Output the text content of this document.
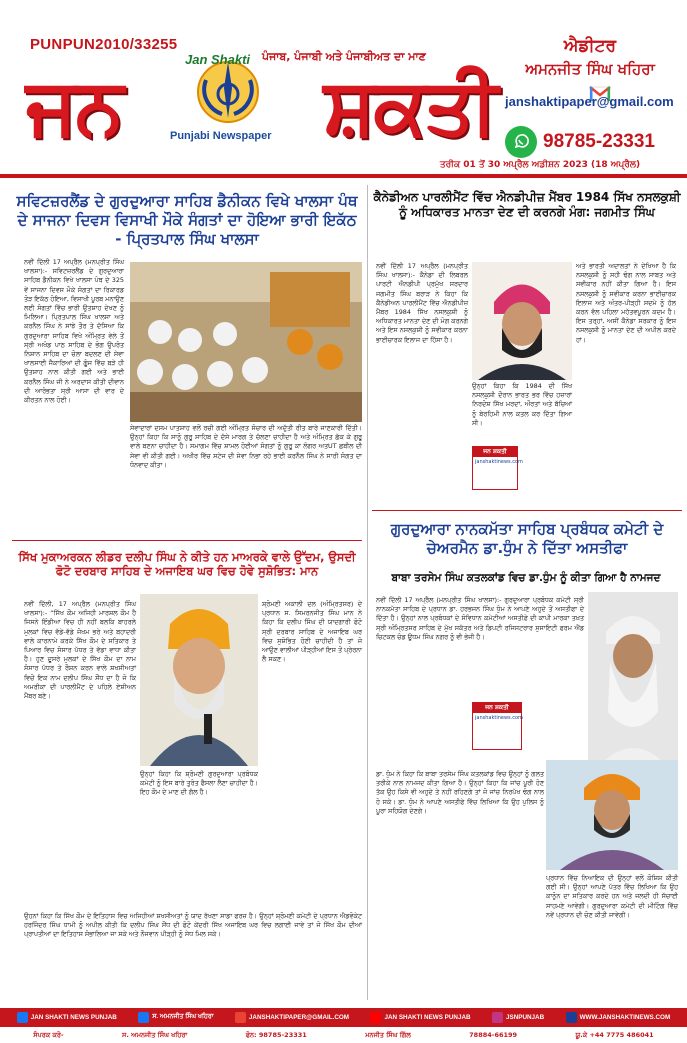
PUNPUN2010/33255
ਪੰਜਾਬ, ਪੰਜਾਬੀ ਅਤੇ ਪੰਜਾਬੀਅਤ ਦਾ ਮਾਣ
ਜਨ	ਸ਼ਕਤੀ
Jan Shakti
Punjabi Newspaper
ਐਡੀਟਰ
ਅਮਨਜੀਤ ਸਿੰਘ ਖਹਿਰਾ
janshaktipaper@gmail.com
98785-23331
ਤਰੀਕ 01 ਤੋਂ 30 ਅਪ੍ਰੈਲ ਅਡੀਸ਼ਨ 2023 (18 ਅਪ੍ਰੈਲ)
ਸਵਿਟਜ਼ਰਲੈਂਡ ਦੇ ਗੁਰਦੁਆਰਾ ਸਾਹਿਬ ਡੈਨੀਕਨ ਵਿਖੇ ਖਾਲਸਾ ਪੰਥ ਦੇ ਸਾਜਨਾ ਦਿਵਸ ਵਿਸਾਖੀ ਮੌਕੇ ਸੰਗਤਾਂ ਦਾ ਹੋਇਆ ਭਾਰੀ ਇਕੱਠ - ਪ੍ਰਿਤਪਾਲ ਸਿੰਘ ਖਾਲਸਾ

ਨਵੀਂ ਦਿੱਲੀ 17 ਅਪ੍ਰੈਲ (ਮਨਪ੍ਰੀਤ ਸਿੰਘ ਖਾਲਸਾ):- ਸਵਿਟਜ਼ਰਲੈਂਡ ਦੇ ਗੁਰਦੁਆਰਾ ਸਾਹਿਬ ਡੈਨੀਕਨ ਵਿਖੇ ਖਾਲਸਾ ਪੰਥ ਦੇ 325 ਵੇਂ ਸਾਜਨਾ ਦਿਵਸ ਮੌਕੇ ਸੰਗਤਾਂ ਦਾ ਰਿਕਾਰਡ ਤੋੜ ਇਕੱਠ ਹੋਇਆ, ਵਿਸਾਖੀ ਪੂਰਬ ਮਨਾਉਣ ਲਈ ਸੰਗਤਾਂ ਵਿੱਚ ਭਾਰੀ ਉਤਸ਼ਾਹ ਦੇਖਣ ਨੂੰ ਮਿਲਿਆ। ਪ੍ਰਿਤਪਾਲ ਸਿੰਘ ਖਾਲਸਾ ਅਤੇ ਕਰਨੈਲ ਸਿੰਘ ਨੇ ਸਾਂਝੇ ਤੌਰ ਤੇ ਦੱਸਿਆ ਕਿ ਗੁਰਦੁਆਰਾ ਸਾਹਿਬ ਵਿਖੇ ਅੰਮ੍ਰਿਤ ਵੇਲੇ ਤੋਂ ਸ੍ਰੀ ਅਖੰਡ ਪਾਠ ਸਾਹਿਬ ਦੇ ਭੋਗ ਉਪਰੰਤ ਨਿਸ਼ਾਨ ਸਾਹਿਬ ਦਾ ਚੋਲਾ ਬਦਲਣ ਦੀ ਸੇਵਾ ਖਾਲਸਾਈ ਜੈਕਾਰਿਆਂ ਦੀ ਗੂੰਜ ਵਿੱਚ ਬੜੇ ਹੀ ਉਤਸ਼ਾਹ ਨਾਲ ਕੀਤੀ ਗਈ ਅਤੇ ਭਾਈ ਕਰਨੈਲ ਸਿੰਘ ਜੀ ਨੇ ਅਰਦਾਸ ਕੀਤੀ ਦੀਵਾਨ ਦੀ ਆਰੰਭਤਾ ਸ੍ਰੀ ਆਸਾ ਦੀ ਵਾਰ ਦੇ ਕੀਰਤਨ ਨਾਲ ਹੋਈ।

ਸੇਵਾਦਾਰਾਂ ਦਸਮ ਪਾਤਸ਼ਾਹ ਵਲੋਂ ਰਚੀ ਗਈ ਅੰਮ੍ਰਿਤ ਸੰਚਾਰ ਦੀ ਅਦੁੱਤੀ ਰੀਤ ਬਾਰੇ ਜਾਣਕਾਰੀ ਦਿੱਤੀ। ਉਨ੍ਹਾਂ ਕਿਹਾ ਕਿ ਸਾਨੂੰ ਗੁਰੂ ਸਾਹਿਬ ਦੇ ਦੱਸੇ ਮਾਰਗ ਤੇ ਚੱਲਣਾ ਚਾਹੀਦਾ ਹੈ ਅਤੇ ਅੰਮ੍ਰਿਤ ਛੱਕ ਕੇ ਗੁਰੂ ਵਾਲੇ ਬਣਨਾ ਚਾਹੀਦਾ ਹੈ। ਸਮਾਗਮ ਵਿੱਚ ਸ਼ਾਮਲ ਹੋਈਆਂ ਸੰਗਤਾਂ ਨੂੰ ਗੁਰੂ ਕਾ ਲੰਗਰ ਅਤUT ਛਬੀਲ ਦੀ ਸੇਵਾ ਵੀ ਕੀਤੀ ਗਈ। ਅਖੀਰ ਵਿੱਚ ਸਟੇਜ ਦੀ ਸੇਵਾ ਨਿਭਾ ਰਹੇ ਭਾਈ ਕਰਨੈਲ ਸਿੰਘ ਨੇ ਸਾਰੀ ਸੰਗਤ ਦਾ ਧੰਨਵਾਦ ਕੀਤਾ।

ਸਿੱਖ ਮੁਕਾਅਰਕਨ ਲੀਡਰ ਦਲੀਪ ਸਿੰਘ ਨੇ ਕੀਤੇ ਹਨ ਮਾਅਰਕੇ ਵਾਲੇ ਉੱਦਮ, ਉਸਦੀ ਫੋਟੋ ਦਰਬਾਰ ਸਾਹਿਬ ਦੇ ਅਜਾਇਬ ਘਰ ਵਿਚ ਹੋਵੇ ਸੁਸ਼ੋਭਿਤ: ਮਾਨ

ਨਵੀਂ ਦਿੱਲੀ, 17 ਅਪ੍ਰੈਲ (ਮਨਪ੍ਰੀਤ ਸਿੰਘ ਖਾਲਸਾ):- “ਸਿੱਖ ਕੌਮ ਅਜਿਹੀ ਮਾਰਸ਼ਲ ਕੌਮ ਹੈ ਜਿਸਨੇ ਇੰਡੀਆ ਵਿਚ ਹੀ ਨਹੀਂ ਬਲਕਿ ਬਾਹਰਲੇ ਮੁਲਕਾਂ ਵਿਚ ਵੱਡੇ-ਵੱਡੇ ਜੋਖਮ ਭਰੇ ਅਤੇ ਬਹਾਦਰੀ ਵਾਲੇ ਕਾਰਨਾਮੇ ਕਰਕੇ ਸਿੱਖ ਕੌਮ ਦੇ ਸਤਿਕਾਰ ਤੇ ਪਿਆਰ ਵਿਚ ਸੰਸਾਰ ਪੱਧਰ ਤੇ ਵੱਡਾ ਵਾਧਾ ਕੀਤਾ ਹੈ। ਹੁਣ ਦੂਸਰੇ ਮੁਲਕਾਂ ਦੇ ਸਿੱਖ ਕੌਮ ਦਾ ਨਾਮ ਸੰਸਾਰ ਪੱਧਰ ਤੇ ਰੌਸ਼ਨ ਕਰਨ ਵਾਲੇ ਸ਼ਖਸੀਅਤਾਂ ਵਿਚੋਂ ਇਕ ਨਾਮ ਦਲੀਪ ਸਿੰਘ ਸੌਂਧ ਦਾ ਹੈ ਜੋ ਕਿ ਅਮਰੀਕਾ ਦੀ ਪਾਰਲੀਮੈਂਟ ਦੇ ਪਹਿਲੇ ਏਸ਼ੀਅਨ ਮੈਂਬਰ ਬਣੇ।

ਸ਼੍ਰੋਮਣੀ ਅਕਾਲੀ ਦਲ (ਅੰਮ੍ਰਿਤਸਰ) ਦੇ ਪ੍ਰਧਾਨ ਸ. ਸਿਮਰਨਜੀਤ ਸਿੰਘ ਮਾਨ ਨੇ ਕਿਹਾ ਕਿ ਦਲੀਪ ਸਿੰਘ ਦੀ ਯਾਦਗਾਰੀ ਫੋਟੋ ਸ੍ਰੀ ਦਰਬਾਰ ਸਾਹਿਬ ਦੇ ਅਜਾਇਬ ਘਰ ਵਿਚ ਸੁਸ਼ੋਭਿਤ ਹੋਣੀ ਚਾਹੀਦੀ ਹੈ ਤਾਂ ਜੋ ਆਉਣ ਵਾਲੀਆਂ ਪੀੜ੍ਹੀਆਂ ਇਸ ਤੋਂ ਪ੍ਰੇਰਨਾ ਲੈ ਸਕਣ।

ਉਨ੍ਹਾਂ ਕਿਹਾ ਕਿ ਸ਼੍ਰੋਮਣੀ ਗੁਰਦੁਆਰਾ ਪ੍ਰਬੰਧਕ ਕਮੇਟੀ ਨੂੰ ਇਸ ਬਾਰੇ ਤੁਰੰਤ ਫੈਸਲਾ ਲੈਣਾ ਚਾਹੀਦਾ ਹੈ। ਇਹ ਕੌਮ ਦੇ ਮਾਣ ਦੀ ਗੱਲ ਹੈ।

ਉਹਨਾਂ ਕਿਹਾ ਕਿ ਸਿੱਖ ਕੌਮ ਦੇ ਇਤਿਹਾਸ ਵਿਚ ਅਜਿਹੀਆਂ ਸ਼ਖਸੀਅਤਾਂ ਨੂੰ ਯਾਦ ਰੱਖਣਾ ਸਾਡਾ ਫਰਜ਼ ਹੈ। ਉਨ੍ਹਾਂ ਸ਼੍ਰੋਮਣੀ ਕਮੇਟੀ ਦੇ ਪ੍ਰਧਾਨ ਐਡਵੋਕੇਟ ਹਰਜਿੰਦਰ ਸਿੰਘ ਧਾਮੀ ਨੂੰ ਅਪੀਲ ਕੀਤੀ ਕਿ ਦਲੀਪ ਸਿੰਘ ਸੌਂਧ ਦੀ ਫੋਟੋ ਕੇਂਦਰੀ ਸਿੱਖ ਅਜਾਇਬ ਘਰ ਵਿਚ ਲਗਾਈ ਜਾਵੇ ਤਾਂ ਜੋ ਸਿੱਖ ਕੌਮ ਦੀਆਂ ਪ੍ਰਾਪਤੀਆਂ ਦਾ ਇਤਿਹਾਸ ਸੰਭਾਲਿਆ ਜਾ ਸਕੇ ਅਤੇ ਨੌਜਵਾਨ ਪੀੜ੍ਹੀ ਨੂੰ ਸੇਧ ਮਿਲ ਸਕੇ।

ਕੈਨੇਡੀਅਨ ਪਾਰਲੀਮੈਂਟ ਵਿੱਚ ਐਨਡੀਪੀਜ਼ ਮੈਂਬਰ 1984 ਸਿੱਖ ਨਸਲਕੁਸ਼ੀ ਨੂੰ ਅਧਿਕਾਰਤ ਮਾਨਤਾ ਦੇਣ ਦੀ ਕਰਨਗੇ ਮੰਗ: ਜਗਮੀਤ ਸਿੰਘ

ਨਵੀਂ ਦਿੱਲੀ 17 ਅਪ੍ਰੈਲ (ਮਨਪ੍ਰੀਤ ਸਿੰਘ ਖਾਲਸਾ):- ਕੈਨੇਡਾ ਦੀ ਲਿਬਰਲ ਪਾਰਟੀ ਐਨਡੀਪੀ ਪ੍ਰਮੁੱਖ ਸਰਦਾਰ ਜਗਮੀਤ ਸਿੰਘ ਬਰਾੜ ਨੇ ਕਿਹਾ ਕਿ ਕੈਨੇਡੀਅਨ ਪਾਰਲੀਮੈਂਟ ਵਿੱਚ ਐਨਡੀਪੀਜ਼ ਮੈਂਬਰ 1984 ਸਿੱਖ ਨਸਲਕੁਸ਼ੀ ਨੂੰ ਅਧਿਕਾਰਤ ਮਾਨਤਾ ਦੇਣ ਦੀ ਮੰਗ ਕਰਨਗੇ ਅਤੇ ਇਸ ਨਸਲਕੁਸ਼ੀ ਨੂੰ ਸਵੀਕਾਰ ਕਰਨਾ ਭਾਈਚਾਰਕ ਇਲਾਜ ਦਾ ਹਿੱਸਾ ਹੈ।

ਉਨ੍ਹਾਂ ਕਿਹਾ ਕਿ 1984 ਦੀ ਸਿੱਖ ਨਸਲਕੁਸ਼ੀ ਦੌਰਾਨ ਭਾਰਤ ਭਰ ਵਿੱਚ ਹਜ਼ਾਰਾਂ ਨਿਰਦੋਸ਼ ਸਿੱਖ ਮਰਦਾਂ, ਔਰਤਾਂ ਅਤੇ ਬੱਚਿਆਂ ਨੂੰ ਬੇਰਹਿਮੀ ਨਾਲ ਕਤਲ ਕਰ ਦਿੱਤਾ ਗਿਆ ਸੀ।

ਅਤੇ ਭਾਰਤੀ ਅਦਾਲਤਾਂ ਨੇ ਦੇਖਿਆ ਹੈ ਕਿ ਨਸਲਕੁਸ਼ੀ ਨੂੰ ਸਹੀ ਢੰਗ ਨਾਲ ਸਾਬਤ ਅਤੇ ਸਵੀਕਾਰ ਨਹੀਂ ਕੀਤਾ ਗਿਆ ਹੈ। ਇਸ ਨਸਲਕੁਸ਼ੀ ਨੂੰ ਸਵੀਕਾਰ ਕਰਨਾ ਭਾਈਚਾਰਕ ਇਲਾਜ ਅਤੇ ਅੰਤਰ-ਪੀੜ੍ਹੀ ਸਦਮੇ ਨੂੰ ਹੱਲ ਕਰਨ ਵੱਲ ਪਹਿਲਾ ਮਹੱਤਵਪੂਰਨ ਕਦਮ ਹੈ। ਇਸ ਤਰ੍ਹਾਂ, ਅਸੀਂ ਕੈਨੇਡਾ ਸਰਕਾਰ ਨੂੰ ਇਸ ਨਸਲਕੁਸ਼ੀ ਨੂੰ ਮਾਨਤਾ ਦੇਣ ਦੀ ਅਪੀਲ ਕਰਦੇ ਹਾਂ।

ਜਨ ਸ਼ਕਤੀ
janshaktinews.com
ਗੁਰਦੁਆਰਾ ਨਾਨਕਮੱਤਾ ਸਾਹਿਬ ਪ੍ਰਬੰਧਕ ਕਮੇਟੀ ਦੇ ਚੇਅਰਮੈਨ ਡਾ.ਧੁੰਮ ਨੇ ਦਿੱਤਾ ਅਸਤੀਫਾ
ਬਾਬਾ ਤਰਸੇਮ ਸਿੰਘ ਕਤਲਕਾਂਡ ਵਿਚ ਡਾ.ਧੁੰਮ ਨੂੰ ਕੀਤਾ ਗਿਆ ਹੈ ਨਾਮਜਦ

ਨਵੀਂ ਦਿੱਲੀ 17 ਅਪ੍ਰੈਲ (ਮਨਪ੍ਰੀਤ ਸਿੰਘ ਖਾਲਸਾ):- ਗੁਰਦੁਆਰਾ ਪ੍ਰਬੰਧਕ ਕਮੇਟੀ ਸ੍ਰੀ ਨਾਨਕਮੱਤਾ ਸਾਹਿਬ ਦੇ ਪ੍ਰਧਾਨ ਡਾ. ਹਰਭਜਨ ਸਿੰਘ ਧੁੰਮ ਨੇ ਆਪਣੇ ਅਹੁਦੇ ਤੋਂ ਅਸਤੀਫਾ ਦੇ ਦਿੱਤਾ ਹੈ। ਉਨ੍ਹਾਂ ਨਾਲ ਪ੍ਰਬੰਧਕਾਂ ਦੇ ਸੰਵਿਧਾਨ ਕਮੇਟੀਆਂ ਅਸਤੀਫ਼ੇ ਦੀ ਕਾਪੀ ਮਾਰਕਾ ਤਖ਼ਤ ਸ੍ਰੀ ਅੰਮ੍ਰਿਤਸਰ ਸਾਹਿਬ ਦੇ ਮੁੱਖ ਸਕੱਤਰ ਅਤੇ ਡਿਪਟੀ ਰਜਿਸਟਰਾਰ ਸੁਸਾਇਟੀ ਫਰਮ ਐਂਡ ਚਿਟਕਲ ਚੰਡ ਊਧਮ ਸਿੰਘ ਨਗਰ ਨੂੰ ਵੀ ਭੇਜੀ ਹੈ।

ਡਾ. ਧੁੰਮ ਨੇ ਕਿਹਾ ਕਿ ਬਾਬਾ ਤਰਸੇਮ ਸਿੰਘ ਕਤਲਕਾਂਡ ਵਿਚ ਉਨ੍ਹਾਂ ਨੂੰ ਗਲਤ ਤਰੀਕੇ ਨਾਲ ਨਾਮਜਦ ਕੀਤਾ ਗਿਆ ਹੈ। ਉਨ੍ਹਾਂ ਕਿਹਾ ਕਿ ਜਾਂਚ ਪੂਰੀ ਹੋਣ ਤੱਕ ਉਹ ਕਿਸੇ ਵੀ ਅਹੁਦੇ ਤੇ ਨਹੀਂ ਰਹਿਣਗੇ ਤਾਂ ਜੋ ਜਾਂਚ ਨਿਰਪੱਖ ਢੰਗ ਨਾਲ ਹੋ ਸਕੇ। ਡਾ. ਧੁੰਮ ਨੇ ਆਪਣੇ ਅਸਤੀਫੇ ਵਿੱਚ ਲਿਖਿਆ ਕਿ ਉਹ ਪੁਲਿਸ ਨੂੰ ਪੂਰਾ ਸਹਿਯੋਗ ਦੇਣਗੇ।

ਪ੍ਰਧਾਨ ਵਿੱਚ ਨਿਆਇਕ ਦੀ ਉਨ੍ਹਾਂ ਵਲੋਂ ਕੋਸ਼ਿਸ਼ ਕੀਤੀ ਗਈ ਸੀ। ਉਨ੍ਹਾਂ ਆਪਣੇ ਪੱਤਰ ਵਿੱਚ ਲਿਖਿਆ ਕਿ ਉਹ ਕਾਨੂੰਨ ਦਾ ਸਤਿਕਾਰ ਕਰਦੇ ਹਨ ਅਤੇ ਜਲਦੀ ਹੀ ਸੱਚਾਈ ਸਾਹਮਣੇ ਆਵੇਗੀ। ਗੁਰਦੁਆਰਾ ਕਮੇਟੀ ਦੀ ਮੀਟਿੰਗ ਵਿੱਚ ਨਵੇਂ ਪ੍ਰਧਾਨ ਦੀ ਚੋਣ ਕੀਤੀ ਜਾਵੇਗੀ।

ਜਨ ਸ਼ਕਤੀ
janshaktinews.com
JAN SHAKTI NEWS PUNJAB	ਸ. ਅਮਨਜੀਤ ਸਿੰਘ ਖਹਿਰਾ	JANSHAKTIPAPER@GMAIL.COM	JAN SHAKTI NEWS PUNJAB	JSNPUNJAB	WWW.JANSHAKTINEWS.COM
ਸੰਪਰਕ ਕਰੋ-	ਸ. ਅਮਨਜੀਤ ਸਿੰਘ ਖਹਿਰਾ	ਫੋਨ: 98785-23331	ਮਨਜੀਤ ਸਿੰਘ ਗਿੱਲ	78884-66199	ਯੂ.ਕੇ +44 7775 486041
